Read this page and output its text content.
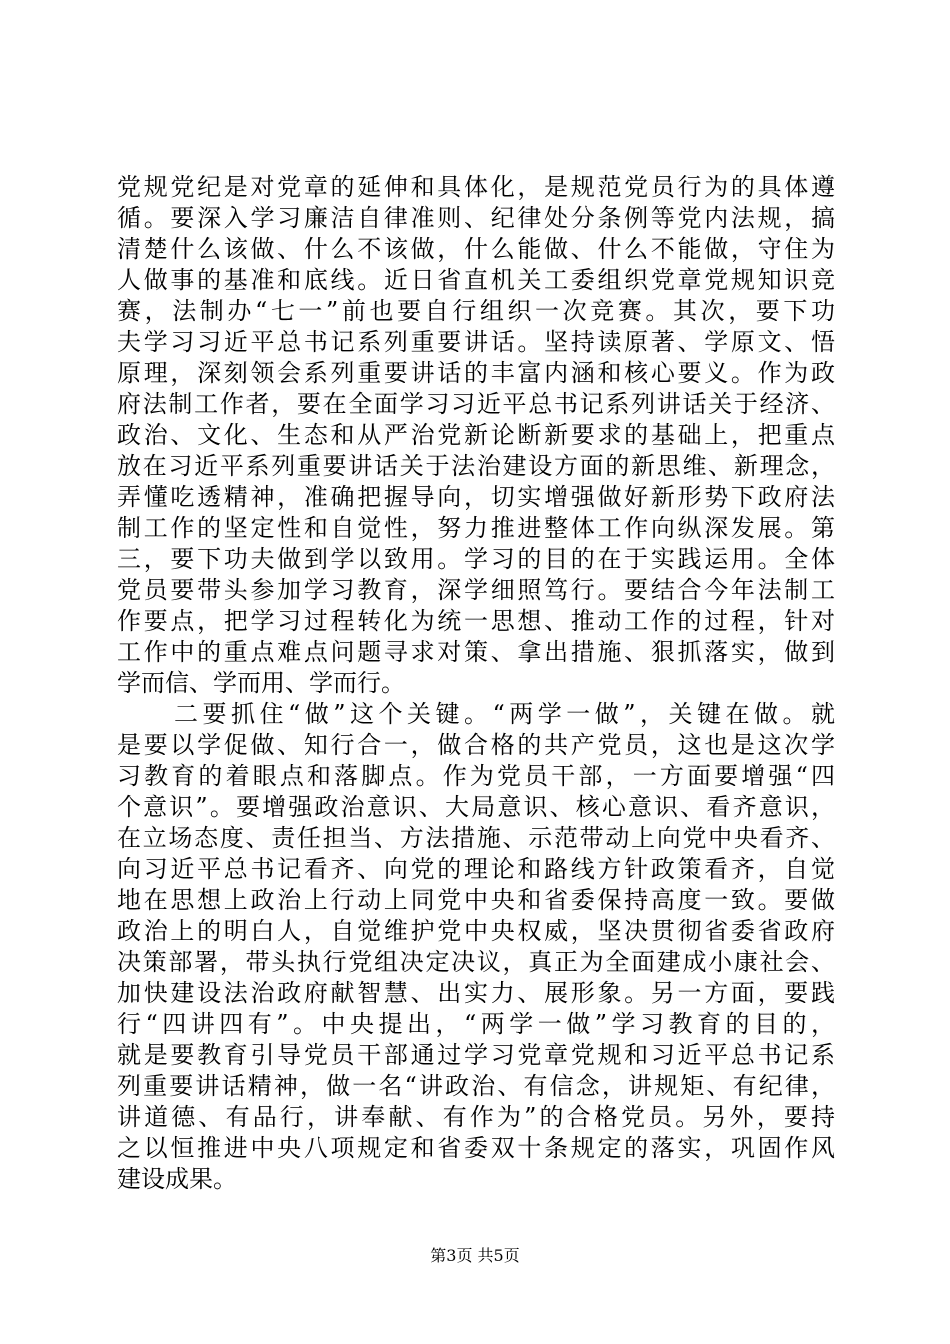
党规党纪是对党章的延伸和具体化，是规范党员行为的具体遵
循。要深入学习廉洁自律准则、纪律处分条例等党内法规，搞
清楚什么该做、什么不该做，什么能做、什么不能做，守住为
人做事的基准和底线。近日省直机关工委组织党章党规知识竞
赛，法制办“七一”前也要自行组织一次竞赛。其次，要下功
夫学习习近平总书记系列重要讲话。坚持读原著、学原文、悟
原理，深刻领会系列重要讲话的丰富内涵和核心要义。作为政
府法制工作者，要在全面学习习近平总书记系列讲话关于经济、
政治、文化、生态和从严治党新论断新要求的基础上，把重点
放在习近平系列重要讲话关于法治建设方面的新思维、新理念，
弄懂吃透精神，准确把握导向，切实增强做好新形势下政府法
制工作的坚定性和自觉性，努力推进整体工作向纵深发展。第
三，要下功夫做到学以致用。学习的目的在于实践运用。全体
党员要带头参加学习教育，深学细照笃行。要结合今年法制工
作要点，把学习过程转化为统一思想、推动工作的过程，针对
工作中的重点难点问题寻求对策、拿出措施、狠抓落实，做到
学而信、学而用、学而行。
　　二要抓住“做”这个关键。“两学一做”，关键在做。就
是要以学促做、知行合一，做合格的共产党员，这也是这次学
习教育的着眼点和落脚点。作为党员干部，一方面要增强“四
个意识”。要增强政治意识、大局意识、核心意识、看齐意识，
在立场态度、责任担当、方法措施、示范带动上向党中央看齐、
向习近平总书记看齐、向党的理论和路线方针政策看齐，自觉
地在思想上政治上行动上同党中央和省委保持高度一致。要做
政治上的明白人，自觉维护党中央权威，坚决贯彻省委省政府
决策部署，带头执行党组决定决议，真正为全面建成小康社会、
加快建设法治政府献智慧、出实力、展形象。另一方面，要践
行“四讲四有”。中央提出，“两学一做”学习教育的目的，
就是要教育引导党员干部通过学习党章党规和习近平总书记系
列重要讲话精神，做一名“讲政治、有信念，讲规矩、有纪律，
讲道德、有品行，讲奉献、有作为”的合格党员。另外，要持
之以恒推进中央八项规定和省委双十条规定的落实，巩固作风
建设成果。
第3页 共5页
